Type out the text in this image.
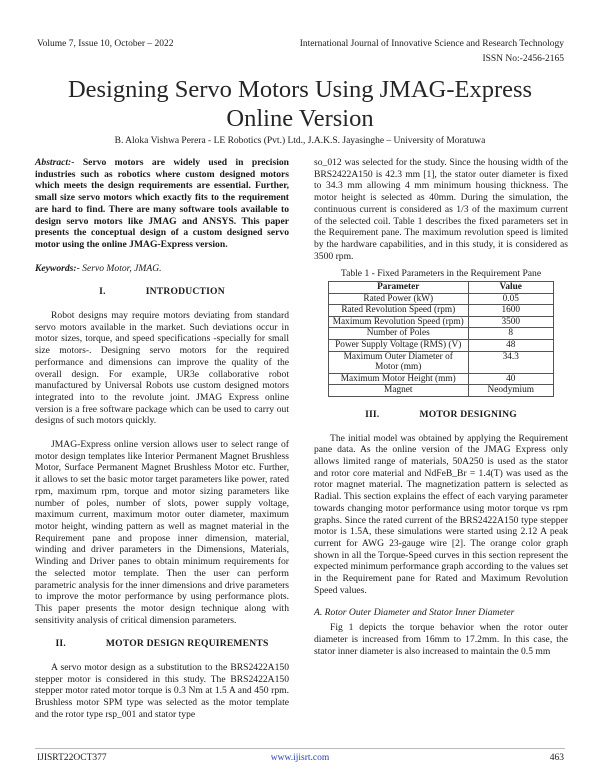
Volume 7, Issue 10, October – 2022	International Journal of Innovative Science and Research Technology
ISSN No:-2456-2165
Designing Servo Motors Using JMAG-Express
Online Version
B. Aloka Vishwa Perera - LE Robotics (Pvt.) Ltd., J.A.K.S. Jayasinghe – University of Moratuwa

Abstract:- Servo motors are widely used in precision industries such as robotics where custom designed motors which meets the design requirements are essential. Further, small size servo motors which exactly fits to the requirement are hard to find. There are many software tools available to design servo motors like JMAG and ANSYS. This paper presents the conceptual design of a custom designed servo motor using the online JMAG-Express version.

Keywords:- Servo Motor, JMAG.

I.	INTRODUCTION

Robot designs may require motors deviating from standard servo motors available in the market. Such deviations occur in motor sizes, torque, and speed specifications -specially for small size motors-. Designing servo motors for the required performance and dimensions can improve the quality of the overall design. For example, UR3e collaborative robot manufactured by Universal Robots use custom designed motors integrated into to the revolute joint. JMAG Express online version is a free software package which can be used to carry out designs of such motors quickly.

JMAG-Express online version allows user to select range of motor design templates like Interior Permanent Magnet Brushless Motor, Surface Permanent Magnet Brushless Motor etc. Further, it allows to set the basic motor target parameters like power, rated rpm, maximum rpm, torque and motor sizing parameters like number of poles, number of slots, power supply voltage, maximum current, maximum motor outer diameter, maximum motor height, winding pattern as well as magnet material in the Requirement pane and propose inner dimension, material, winding and driver parameters in the Dimensions, Materials, Winding and Driver panes to obtain minimum requirements for the selected motor template. Then the user can perform parametric analysis for the inner dimensions and drive parameters to improve the motor performance by using performance plots. This paper presents the motor design technique along with sensitivity analysis of critical dimension parameters.

II.	MOTOR DESIGN REQUIREMENTS

A servo motor design as a substitution to the BRS2422A150 stepper motor is considered in this study. The BRS2422A150 stepper motor rated motor torque is 0.3 Nm at 1.5 A and 450 rpm. Brushless motor SPM type was selected as the motor template and the rotor type rsp_001 and stator type

so_012 was selected for the study. Since the housing width of the BRS2422A150 is 42.3 mm [1], the stator outer diameter is fixed to 34.3 mm allowing 4 mm minimum housing thickness. The motor height is selected as 40mm. During the simulation, the continuous current is considered as 1/3 of the maximum current of the selected coil. Table 1 describes the fixed parameters set in the Requirement pane. The maximum revolution speed is limited by the hardware capabilities, and in this study, it is considered as 3500 rpm.

Table 1 - Fixed Parameters in the Requirement Pane
Parameter	Value
Rated Power (kW)	0.05
Rated Revolution Speed (rpm)	1600
Maximum Revolution Speed (rpm)	3500
Number of Poles	8
Power Supply Voltage (RMS) (V)	48
Maximum Outer Diameter of Motor (mm)	34.3
Maximum Motor Height (mm)	40
Magnet	Neodymium
III.	MOTOR DESIGNING

The initial model was obtained by applying the Requirement pane data. As the online version of the JMAG Express only allows limited range of materials, 50A250 is used as the stator and rotor core material and NdFeB_Br = 1.4(T) was used as the rotor magnet material. The magnetization pattern is selected as Radial. This section explains the effect of each varying parameter towards changing motor performance using motor torque vs rpm graphs. Since the rated current of the BRS2422A150 type stepper motor is 1.5A, these simulations were started using 2.12 A peak current for AWG 23-gauge wire [2]. The orange color graph shown in all the Torque-Speed curves in this section represent the expected minimum performance graph according to the values set in the Requirement pane for Rated and Maximum Revolution Speed values.

A. Rotor Outer Diameter and Stator Inner Diameter

Fig 1 depicts the torque behavior when the rotor outer diameter is increased from 16mm to 17.2mm. In this case, the stator inner diameter is also increased to maintain the 0.5 mm

IJISRT22OCT377	www.ijisrt.com	463
